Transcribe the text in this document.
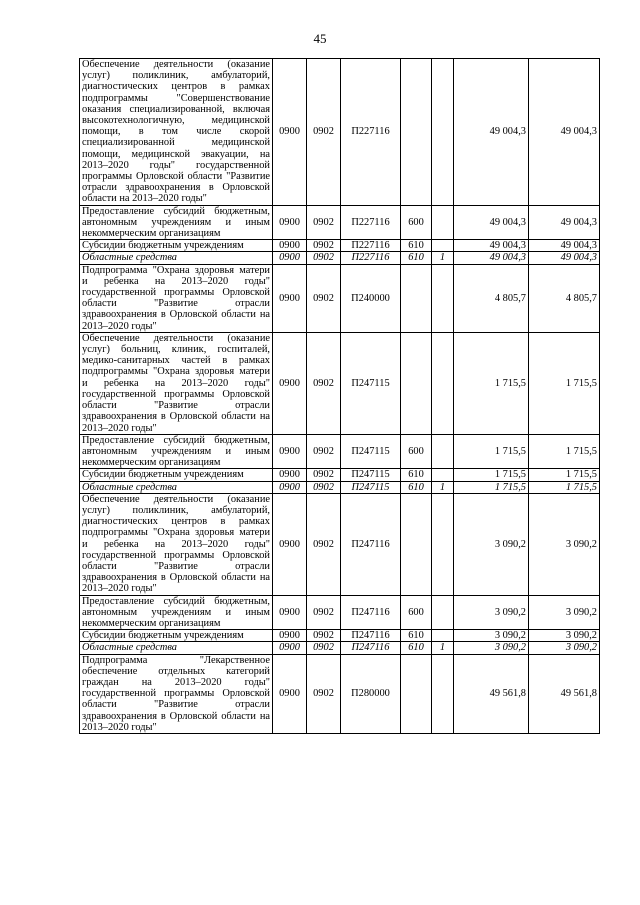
45
Обеспечение деятельности (оказание услуг) поликлиник, амбулаторий, диагностических центров в рамках подпрограммы "Совершенствование оказания специализированной, включая высокотехнологичную, медицинской помощи, в том числе скорой специализированной медицинской помощи, медицинской эвакуации, на 2013–2020 годы" государственной программы Орловской области "Развитие отрасли здравоохранения в Орловской области на 2013–2020 годы"	0900	0902	П227116			49 004,3	49 004,3
Предоставление субсидий бюджетным, автономным учреждениям и иным некоммерческим организациям	0900	0902	П227116	600		49 004,3	49 004,3
Субсидии бюджетным учреждениям	0900	0902	П227116	610		49 004,3	49 004,3
Областные средства	0900	0902	П227116	610	1	49 004,3	49 004,3
Подпрограмма "Охрана здоровья матери и ребенка на 2013–2020 годы" государственной программы Орловской области "Развитие отрасли здравоохранения в Орловской области на 2013–2020 годы"	0900	0902	П240000			4 805,7	4 805,7
Обеспечение деятельности (оказание услуг) больниц, клиник, госпиталей, медико-санитарных частей в рамках подпрограммы "Охрана здоровья матери и ребенка на 2013–2020 годы" государственной программы Орловской области "Развитие отрасли здравоохранения в Орловской области на 2013–2020 годы"	0900	0902	П247115			1 715,5	1 715,5
Предоставление субсидий бюджетным, автономным учреждениям и иным некоммерческим организациям	0900	0902	П247115	600		1 715,5	1 715,5
Субсидии бюджетным учреждениям	0900	0902	П247115	610		1 715,5	1 715,5
Областные средства	0900	0902	П247115	610	1	1 715,5	1 715,5
Обеспечение деятельности (оказание услуг) поликлиник, амбулаторий, диагностических центров в рамках подпрограммы "Охрана здоровья матери и ребенка на 2013–2020 годы" государственной программы Орловской области "Развитие отрасли здравоохранения в Орловской области на 2013–2020 годы"	0900	0902	П247116			3 090,2	3 090,2
Предоставление субсидий бюджетным, автономным учреждениям и иным некоммерческим организациям	0900	0902	П247116	600		3 090,2	3 090,2
Субсидии бюджетным учреждениям	0900	0902	П247116	610		3 090,2	3 090,2
Областные средства	0900	0902	П247116	610	1	3 090,2	3 090,2
Подпрограмма "Лекарственное обеспечение отдельных категорий граждан на 2013–2020 годы" государственной программы Орловской области "Развитие отрасли здравоохранения в Орловской области на 2013–2020 годы"	0900	0902	П280000			49 561,8	49 561,8
